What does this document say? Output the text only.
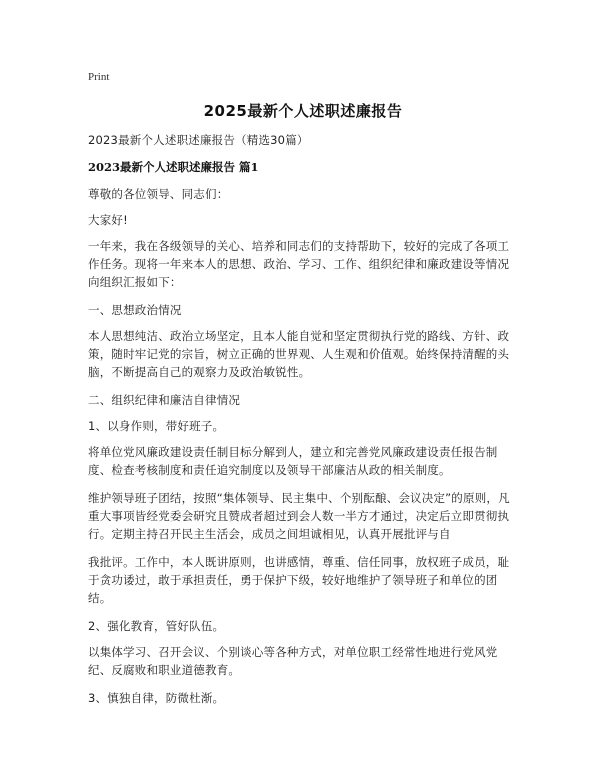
Print
2025最新个人述职述廉报告

2023最新个人述职述廉报告（精选30篇）

2023最新个人述职述廉报告 篇1

尊敬的各位领导、同志们：

大家好!

一年来，我在各级领导的关心、培养和同志们的支持帮助下，较好的完成了各项工作任务。现将一年来本人的思想、政治、学习、工作、组织纪律和廉政建设等情况向组织汇报如下：

一、思想政治情况

本人思想纯洁、政治立场坚定，且本人能自觉和坚定贯彻执行党的路线、方针、政策，随时牢记党的宗旨，树立正确的世界观、人生观和价值观。始终保持清醒的头脑，不断提高自己的观察力及政治敏锐性。

二、组织纪律和廉洁自律情况

1、以身作则，带好班子。

将单位党风廉政建设责任制目标分解到人，建立和完善党风廉政建设责任报告制度、检查考核制度和责任追究制度以及领导干部廉洁从政的相关制度。

维护领导班子团结，按照“集体领导、民主集中、个别酝酿、会议决定”的原则，凡重大事项皆经党委会研究且赞成者超过到会人数一半方才通过，决定后立即贯彻执行。定期主持召开民主生活会，成员之间坦诚相见，认真开展批评与自

我批评。工作中，本人既讲原则，也讲感情，尊重、信任同事，放权班子成员，耻于贪功诿过，敢于承担责任，勇于保护下级，较好地维护了领导班子和单位的团结。

2、强化教育，管好队伍。

以集体学习、召开会议、个别谈心等各种方式，对单位职工经常性地进行党风党纪、反腐败和职业道德教育。

3、慎独自律，防微杜渐。
